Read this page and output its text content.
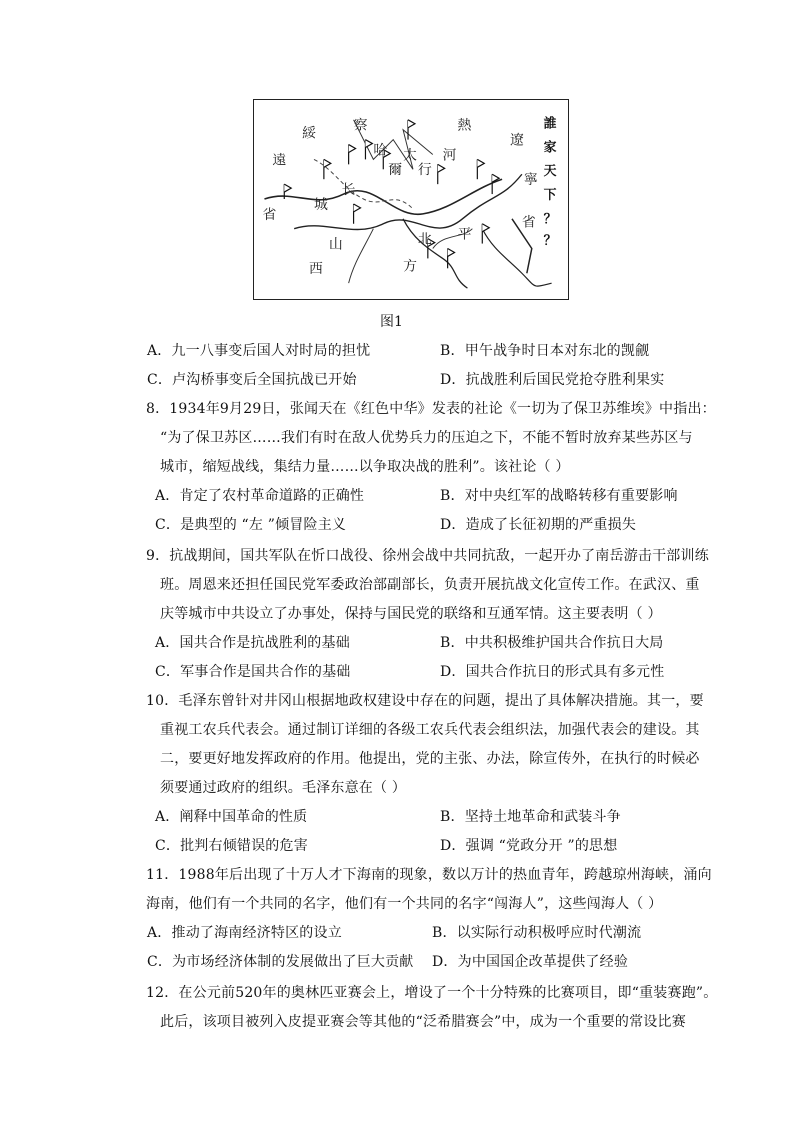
誰
家
天
下
？
？
遼
寧
省
綏
遠
省
熱
河
察
哈
爾
山
西
北
方
太
行
平
长
城
图1
A．九一八事变后国人对时局的担忧	B．甲午战争时日本对东北的觊觎
C．卢沟桥事变后全国抗战已开始	D．抗战胜利后国民党抢夺胜利果实
8．1934年9月29日，张闻天在《红色中华》发表的社论《一切为了保卫苏维埃》中指出：
“为了保卫苏区……我们有时在敌人优势兵力的压迫之下，不能不暂时放弃某些苏区与
城市，缩短战线，集结力量……以争取决战的胜利”。该社论（ ）
A．肯定了农村革命道路的正确性	B．对中央红军的战略转移有重要影响
C．是典型的 “左 ”倾冒险主义	D．造成了长征初期的严重损失
9．抗战期间，国共军队在忻口战役、徐州会战中共同抗敌，一起开办了南岳游击干部训练
班。周恩来还担任国民党军委政治部副部长，负责开展抗战文化宣传工作。在武汉、重
庆等城市中共设立了办事处，保持与国民党的联络和互通军情。这主要表明（ ）
A．国共合作是抗战胜利的基础	B．中共积极维护国共合作抗日大局
C．军事合作是国共合作的基础	D．国共合作抗日的形式具有多元性
10．毛泽东曾针对井冈山根据地政权建设中存在的问题，提出了具体解决措施。其一，要
重视工农兵代表会。通过制订详细的各级工农兵代表会组织法，加强代表会的建设。其
二，要更好地发挥政府的作用。他提出，党的主张、办法，除宣传外，在执行的时候必
须要通过政府的组织。毛泽东意在（ ）
A．阐释中国革命的性质	B．坚持土地革命和武装斗争
C．批判右倾错误的危害	D．强调 “党政分开 ”的思想
11．1988年后出现了十万人才下海南的现象，数以万计的热血青年，跨越琼州海峡，涌向
海南，他们有一个共同的名字，他们有一个共同的名字“闯海人”，这些闯海人（ ）
A．推动了海南经济特区的设立	B．以实际行动积极呼应时代潮流
C．为市场经济体制的发展做出了巨大贡献 D．为中国国企改革提供了经验
12．在公元前520年的奥林匹亚赛会上，增设了一个十分特殊的比赛项目，即“重装赛跑”。
此后，该项目被列入皮提亚赛会等其他的“泛希腊赛会”中，成为一个重要的常设比赛
